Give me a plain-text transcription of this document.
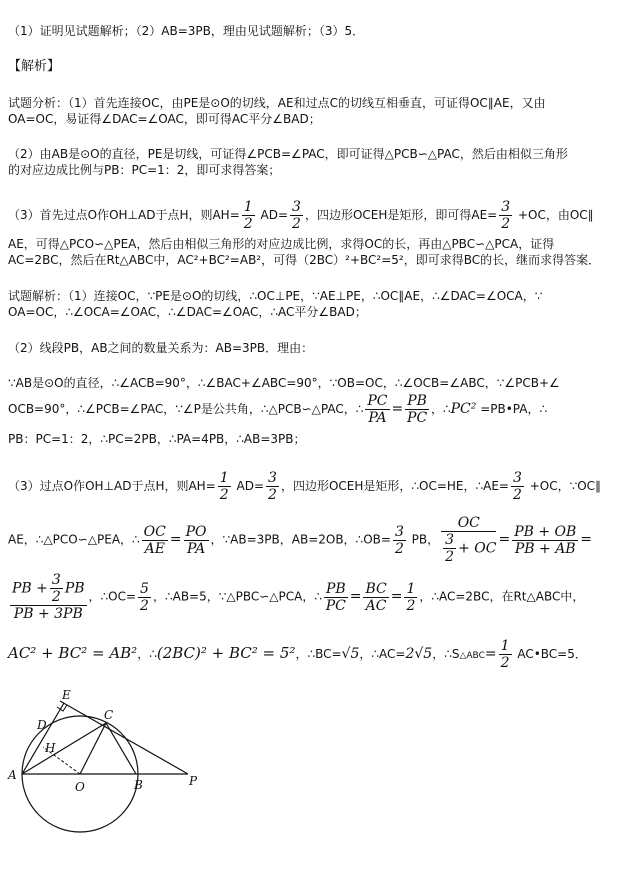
（1）证明见试题解析；（2）AB=3PB，理由见试题解析；（3）5．
【解析】
试题分析：（1）首先连接OC，由PE是⊙O的切线，AE和过点C的切线互相垂直，可证得OC∥AE，又由
OA=OC，易证得∠DAC=∠OAC，即可得AC平分∠BAD；
（2）由AB是⊙O的直径，PE是切线，可证得∠PCB=∠PAC，即可证得△PCB∽△PAC，然后由相似三角形
的对应边成比例与PB：PC=1：2，即可求得答案；
（3）首先过点O作OH⊥AD于点H，则$AH= \frac{1}{2} AD= \frac{3}{2}$ ，四边形OCEH是矩形，即可得$AE= \frac{3}{2} +OC$，由OC∥
AE，可得△PCO∽△PEA，然后由相似三角形的对应边成比例，求得OC的长，再由△PBC∽△PCA，证得
AC=2BC，然后在Rt△ABC中，AC²+BC²=AB²，可得（2BC）²+BC²=5²，即可求得BC的长，继而求得答案．
试题解析：（1）连接OC，∵PE是⊙O的切线，∴OC⊥PE，∵AE⊥PE，∴OC∥AE，∴∠DAC=∠OCA，∵
OA=OC，∴∠OCA=∠OAC，∴∠DAC=∠OAC，∴AC平分∠BAD；
（2）线段PB，AB之间的数量关系为：AB=3PB．理由：
∵AB是⊙O的直径，∴∠ACB=90°，∴∠BAC+∠ABC=90°，∵OB=OC，∴∠OCB=∠ABC，∵∠PCB+∠
OCB=90°，∴∠PCB=∠PAC，∵∠P是公共角，∴△PCB∽△PAC，∴ $\frac{PC}{PA} = \frac{PB}{PC}$ ，∴PC² =PB•PA，∴
PB：PC=1：2，∴PC=2PB，∴PA=4PB，∴AB=3PB；
（3）过点O作OH⊥AD于点H，则$AH= \frac{1}{2} AD= \frac{3}{2}$ ，四边形OCEH是矩形，∴OC=HE，∴AE= $\frac{3}{2} +OC$，∵OC∥
AE，∴△PCO∽△PEA，∴ $\frac{OC}{AE} = \frac{PO}{PA}$ ，∵AB=3PB，AB=2OB，∴OB= $\frac{3}{2}$ PB， $\frac{OC}{\frac{3}{2} + OC} = \frac{PB + OB}{PB + AB}$ =
$\frac{PB + \frac{3}{2} PB}{PB + 3PB}$ ，∴OC= $\frac{5}{2}$ ，∴AB=5，∵△PBC∽△PCA，∴ $\frac{PB}{PC} = \frac{BC}{AC} = \frac{1}{2}$ ，∴AC=2BC，在Rt△ABC中，
AC² + BC² = AB²，∴(2BC)² + BC² = 5²，∴BC=√5，∴AC=2√5，∴S△ABC= $\frac{1}{2}$ AC•BC=5．
E
D
C
H
A
O	B	P
